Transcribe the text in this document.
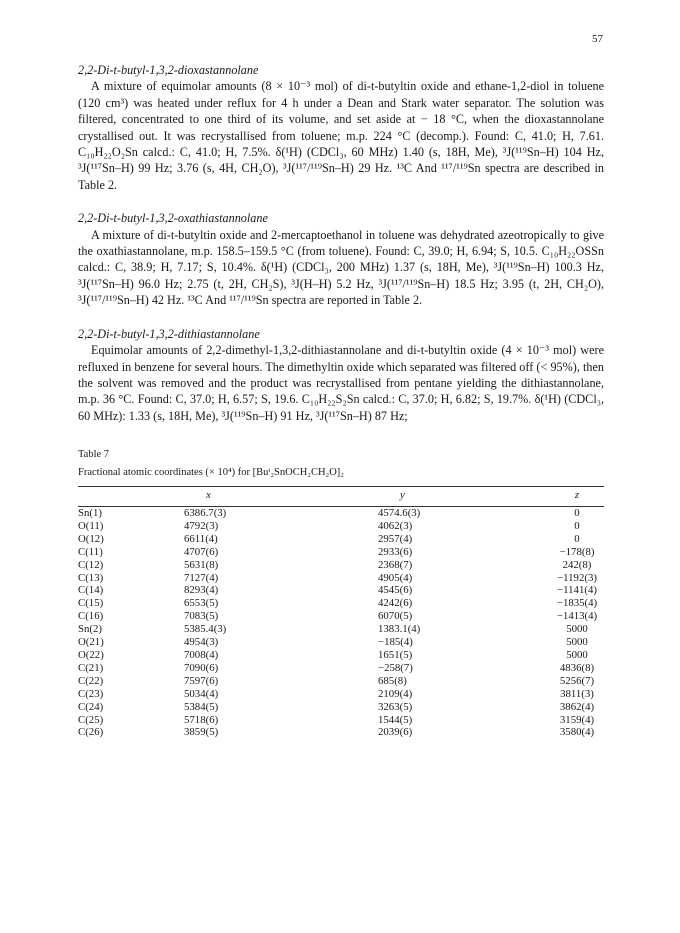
57

2,2-Di-t-butyl-1,3,2-dioxastannolane

A mixture of equimolar amounts (8 × 10⁻³ mol) of di-t-butyltin oxide and ethane-1,2-diol in toluene (120 cm³) was heated under reflux for 4 h under a Dean and Stark water separator. The solution was filtered, concentrated to one third of its volume, and set aside at − 18 °C, when the dioxastannolane crystallised out. It was recrystallised from toluene; m.p. 224 °C (decomp.). Found: C, 41.0; H, 7.61. C₁₀H₂₂O₂Sn calcd.: C, 41.0; H, 7.5%. δ(¹H) (CDCl₃, 60 MHz) 1.40 (s, 18H, Me), ³J(¹¹⁹Sn–H) 104 Hz, ³J(¹¹⁷Sn–H) 99 Hz; 3.76 (s, 4H, CH₂O), ³J(¹¹⁷/¹¹⁹Sn–H) 29 Hz. ¹³C And ¹¹⁷/¹¹⁹Sn spectra are described in Table 2.

2,2-Di-t-butyl-1,3,2-oxathiastannolane

A mixture of di-t-butyltin oxide and 2-mercaptoethanol in toluene was dehydrated azeotropically to give the oxathiastannolane, m.p. 158.5–159.5 °C (from toluene). Found: C, 39.0; H, 6.94; S, 10.5. C₁₀H₂₂OSSn calcd.: C, 38.9; H, 7.17; S, 10.4%. δ(¹H) (CDCl₃, 200 MHz) 1.37 (s, 18H, Me), ³J(¹¹⁹Sn–H) 100.3 Hz, ³J(¹¹⁷Sn–H) 96.0 Hz; 2.75 (t, 2H, CH₂S), ³J(H–H) 5.2 Hz, ³J(¹¹⁷/¹¹⁹Sn–H) 18.5 Hz; 3.95 (t, 2H, CH₂O), ³J(¹¹⁷/¹¹⁹Sn–H) 42 Hz. ¹³C And ¹¹⁷/¹¹⁹Sn spectra are reported in Table 2.

2,2-Di-t-butyl-1,3,2-dithiastannolane

Equimolar amounts of 2,2-dimethyl-1,3,2-dithiastannolane and di-t-butyltin oxide (4 × 10⁻³ mol) were refluxed in benzene for several hours. The dimethyltin oxide which separated was filtered off (< 95%), then the solvent was removed and the product was recrystallised from pentane yielding the dithiastannolane, m.p. 36 °C. Found: C, 37.0; H, 6.57; S, 19.6. C₁₀H₂₂S₂Sn calcd.: C, 37.0; H, 6.82; S, 19.7%. δ(¹H) (CDCl₃, 60 MHz): 1.33 (s, 18H, Me), ³J(¹¹⁹Sn–H) 91 Hz, ³J(¹¹⁷Sn–H) 87 Hz;

Table 7

Fractional atomic coordinates (× 10⁴) for [Buᵗ₂SnOCH₂CH₂O]₂

	x	y	z
Sn(1)	6386.7(3)	4574.6(3)	0
O(11)	4792(3)	4062(3)	0
O(12)	6611(4)	2957(4)	0
C(11)	4707(6)	2933(6)	−178(8)
C(12)	5631(8)	2368(7)	242(8)
C(13)	7127(4)	4905(4)	−1192(3)
C(14)	8293(4)	4545(6)	−1141(4)
C(15)	6553(5)	4242(6)	−1835(4)
C(16)	7083(5)	6070(5)	−1413(4)
Sn(2)	5385.4(3)	1383.1(4)	5000
O(21)	4954(3)	−185(4)	5000
O(22)	7008(4)	1651(5)	5000
C(21)	7090(6)	−258(7)	4836(8)
C(22)	7597(6)	685(8)	5256(7)
C(23)	5034(4)	2109(4)	3811(3)
C(24)	5384(5)	3263(5)	3862(4)
C(25)	5718(6)	1544(5)	3159(4)
C(26)	3859(5)	2039(6)	3580(4)
